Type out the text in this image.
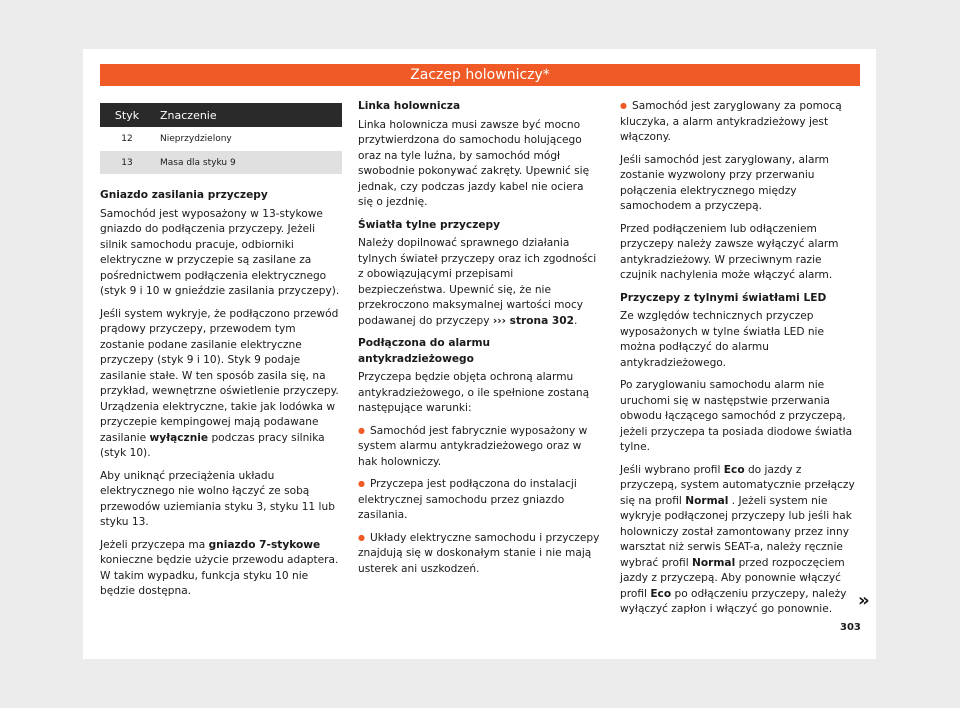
Zaczep holowniczy*
Styk	Znaczenie
12	Nieprzydzielony
13	Masa dla styku 9
Gniazdo zasilania przyczepy

Samochód jest wyposażony w 13-stykowe gniazdo do podłączenia przyczepy. Jeżeli silnik samochodu pracuje, odbiorniki elektryczne w przyczepie są zasilane za pośrednictwem podłączenia elektrycznego (styk 9 i 10 w gnieździe zasilania przyczepy).

Jeśli system wykryje, że podłączono przewód prądowy przyczepy, przewodem tym zostanie podane zasilanie elektryczne przyczepy (styk 9 i 10). Styk 9 podaje zasilanie stałe. W ten sposób zasila się, na przykład, wewnętrzne oświetlenie przyczepy. Urządzenia elektryczne, takie jak lodówka w przyczepie kempingowej mają podawane zasilanie wyłącznie podczas pracy silnika (styk 10).

Aby uniknąć przeciążenia układu elektrycznego nie wolno łączyć ze sobą przewodów uziemiania styku 3, styku 11 lub styku 13.

Jeżeli przyczepa ma gniazdo 7-stykowe konieczne będzie użycie przewodu adaptera. W takim wypadku, funkcja styku 10 nie będzie dostępna.

Linka holownicza

Linka holownicza musi zawsze być mocno przytwierdzona do samochodu holującego oraz na tyle luźna, by samochód mógł swobodnie pokonywać zakręty. Upewnić się jednak, czy podczas jazdy kabel nie ociera się o jezdnię.

Światła tylne przyczepy

Należy dopilnować sprawnego działania tylnych świateł przyczepy oraz ich zgodności z obowiązującymi przepisami bezpieczeństwa. Upewnić się, że nie przekroczono maksymalnej wartości mocy podawanej do przyczepy ››› strona 302.

Podłączona do alarmu antykradzieżowego

Przyczepa będzie objęta ochroną alarmu antykradzieżowego, o ile spełnione zostaną następujące warunki:

● Samochód jest fabrycznie wyposażony w system alarmu antykradzieżowego oraz w hak holowniczy.

● Przyczepa jest podłączona do instalacji elektrycznej samochodu przez gniazdo zasilania.

● Układy elektryczne samochodu i przyczepy znajdują się w doskonałym stanie i nie mają usterek ani uszkodzeń.

● Samochód jest zaryglowany za pomocą kluczyka, a alarm antykradzieżowy jest włączony.

Jeśli samochód jest zaryglowany, alarm zostanie wyzwolony przy przerwaniu połączenia elektrycznego między samochodem a przyczepą.

Przed podłączeniem lub odłączeniem przyczepy należy zawsze wyłączyć alarm antykradzieżowy. W przeciwnym razie czujnik nachylenia może włączyć alarm.

Przyczepy z tylnymi światłami LED

Ze względów technicznych przyczep wyposażonych w tylne światła LED nie można podłączyć do alarmu antykradzieżowego.

Po zaryglowaniu samochodu alarm nie uruchomi się w następstwie przerwania obwodu łączącego samochód z przyczepą, jeżeli przyczepa ta posiada diodowe światła tylne.

Jeśli wybrano profil Eco do jazdy z przyczepą, system automatycznie przełączy się na profil Normal . Jeżeli system nie wykryje podłączonej przyczepy lub jeśli hak holowniczy został zamontowany przez inny warsztat niż serwis SEAT-a, należy ręcznie wybrać profil Normal przed rozpoczęciem jazdy z przyczepą. Aby ponownie włączyć profil Eco po odłączeniu przyczepy, należy wyłączyć zapłon i włączyć go ponownie.	»
303
